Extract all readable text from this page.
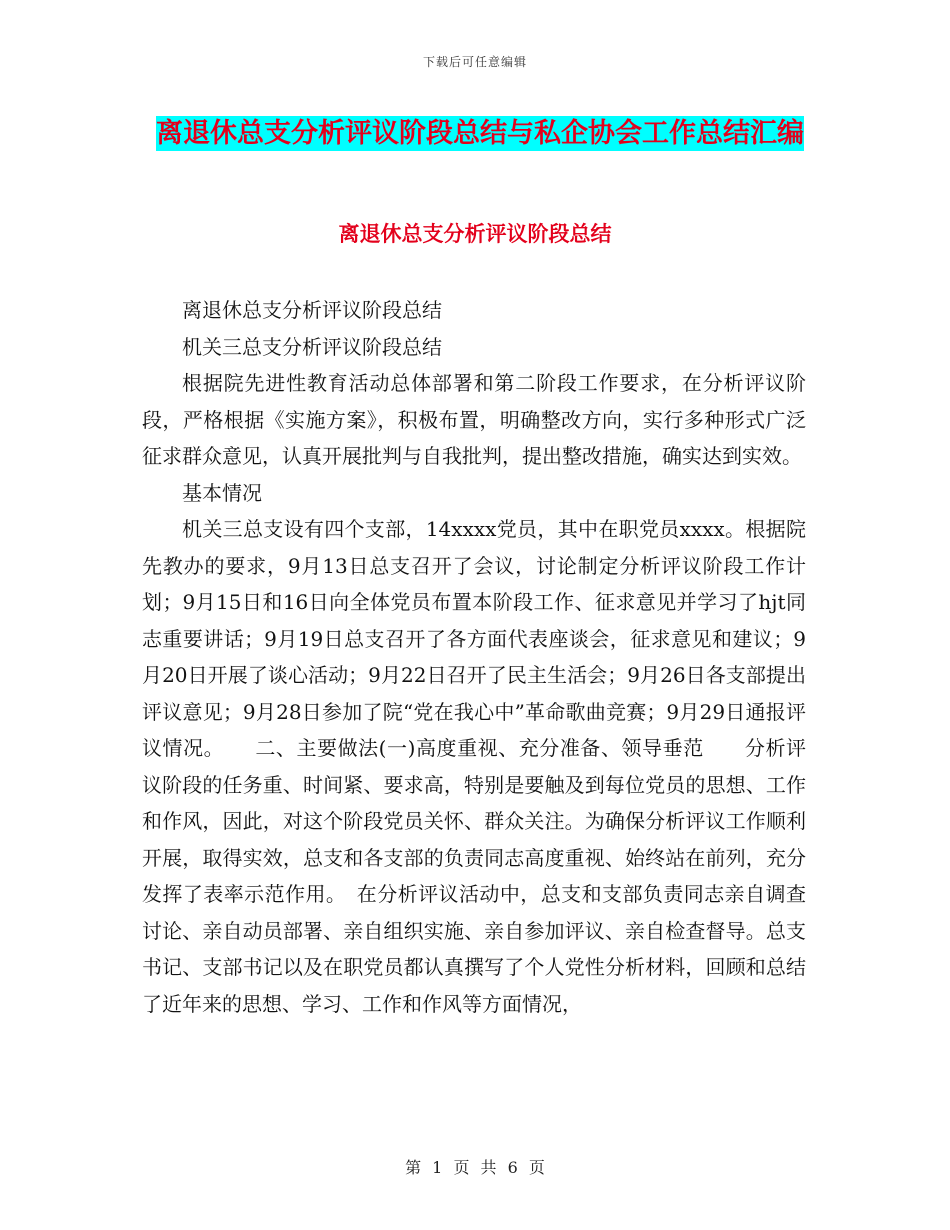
下载后可任意编辑
离退休总支分析评议阶段总结与私企协会工作总结汇编
离退休总支分析评议阶段总结

离退休总支分析评议阶段总结

机关三总支分析评议阶段总结

根据院先进性教育活动总体部署和第二阶段工作要求，在分析评议阶段，严格根据《实施方案》，积极布置，明确整改方向，实行多种形式广泛征求群众意见，认真开展批判与自我批判，提出整改措施，确实达到实效。

基本情况

机关三总支设有四个支部，14xxxx党员，其中在职党员xxxx。根据院先教办的要求，9月13日总支召开了会议，讨论制定分析评议阶段工作计划；9月15日和16日向全体党员布置本阶段工作、征求意见并学习了hjt同志重要讲话；9月19日总支召开了各方面代表座谈会，征求意见和建议；9月20日开展了谈心活动；9月22日召开了民主生活会；9月26日各支部提出评议意见；9月28日参加了院“党在我心中”革命歌曲竞赛；9月29日通报评议情况。　　二、主要做法(一)高度重视、充分准备、领导垂范　　分析评议阶段的任务重、时间紧、要求高，特别是要触及到每位党员的思想、工作和作风，因此，对这个阶段党员关怀、群众关注。为确保分析评议工作顺利开展，取得实效，总支和各支部的负责同志高度重视、始终站在前列，充分发挥了表率示范作用。　在分析评议活动中，总支和支部负责同志亲自调查讨论、亲自动员部署、亲自组织实施、亲自参加评议、亲自检查督导。总支书记、支部书记以及在职党员都认真撰写了个人党性分析材料，回顾和总结了近年来的思想、学习、工作和作风等方面情况，

第 1 页 共 6 页
